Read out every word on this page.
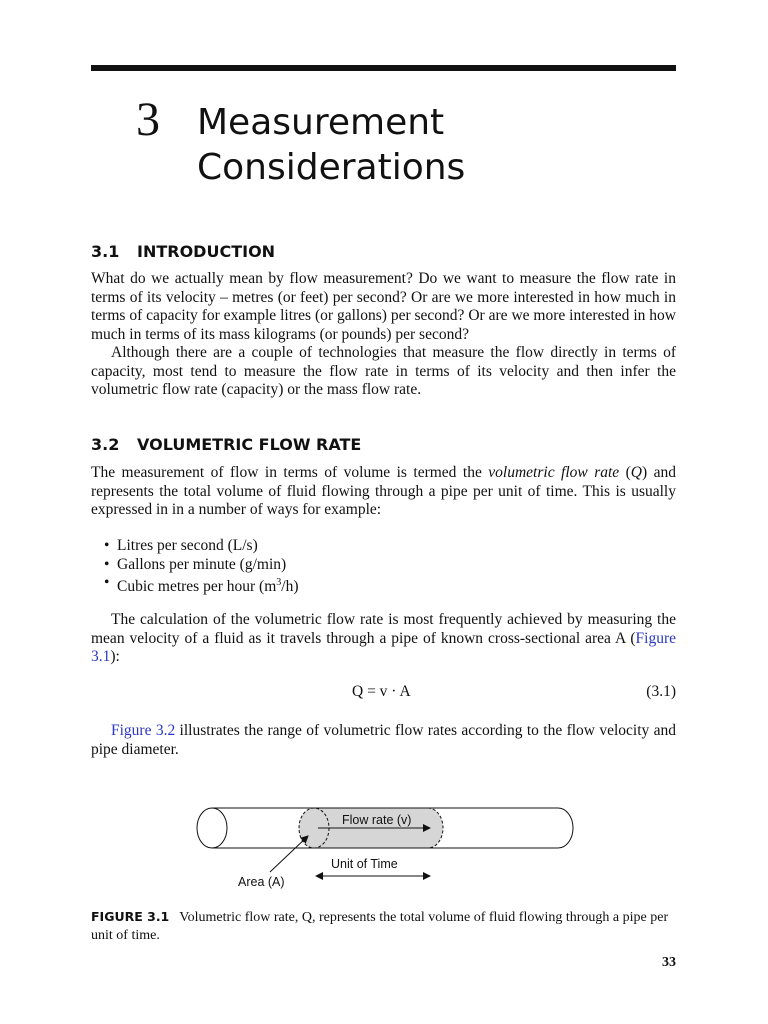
3 Measurement
Considerations
3.1 INTRODUCTION

What do we actually mean by flow measurement? Do we want to measure the flow rate in terms of its velocity – metres (or feet) per second? Or are we more interested in how much in terms of capacity for example litres (or gallons) per second? Or are we more interested in how much in terms of its mass kilograms (or pounds) per second?

Although there are a couple of technologies that measure the flow directly in terms of capacity, most tend to measure the flow rate in terms of its velocity and then infer the volumetric flow rate (capacity) or the mass flow rate.

3.2 VOLUMETRIC FLOW RATE

The measurement of flow in terms of volume is termed the volumetric flow rate (Q) and represents the total volume of fluid flowing through a pipe per unit of time. This is usually expressed in in a number of ways for example:

• Litres per second (L/s)
• Gallons per minute (g/min)
• Cubic metres per hour $(m^3/h)$

The calculation of the volumetric flow rate is most frequently achieved by measuring the mean velocity of a fluid as it travels through a pipe of known cross-sectional area A (Figure 3.1):

Q = v · A	(3.1)

Figure 3.2 illustrates the range of volumetric flow rates according to the flow velocity and pipe diameter.

Flow rate (v)
Unit of Time
Area (A)
FIGURE 3.1 Volumetric flow rate, Q, represents the total volume of fluid flowing through a pipe per unit of time.
33
